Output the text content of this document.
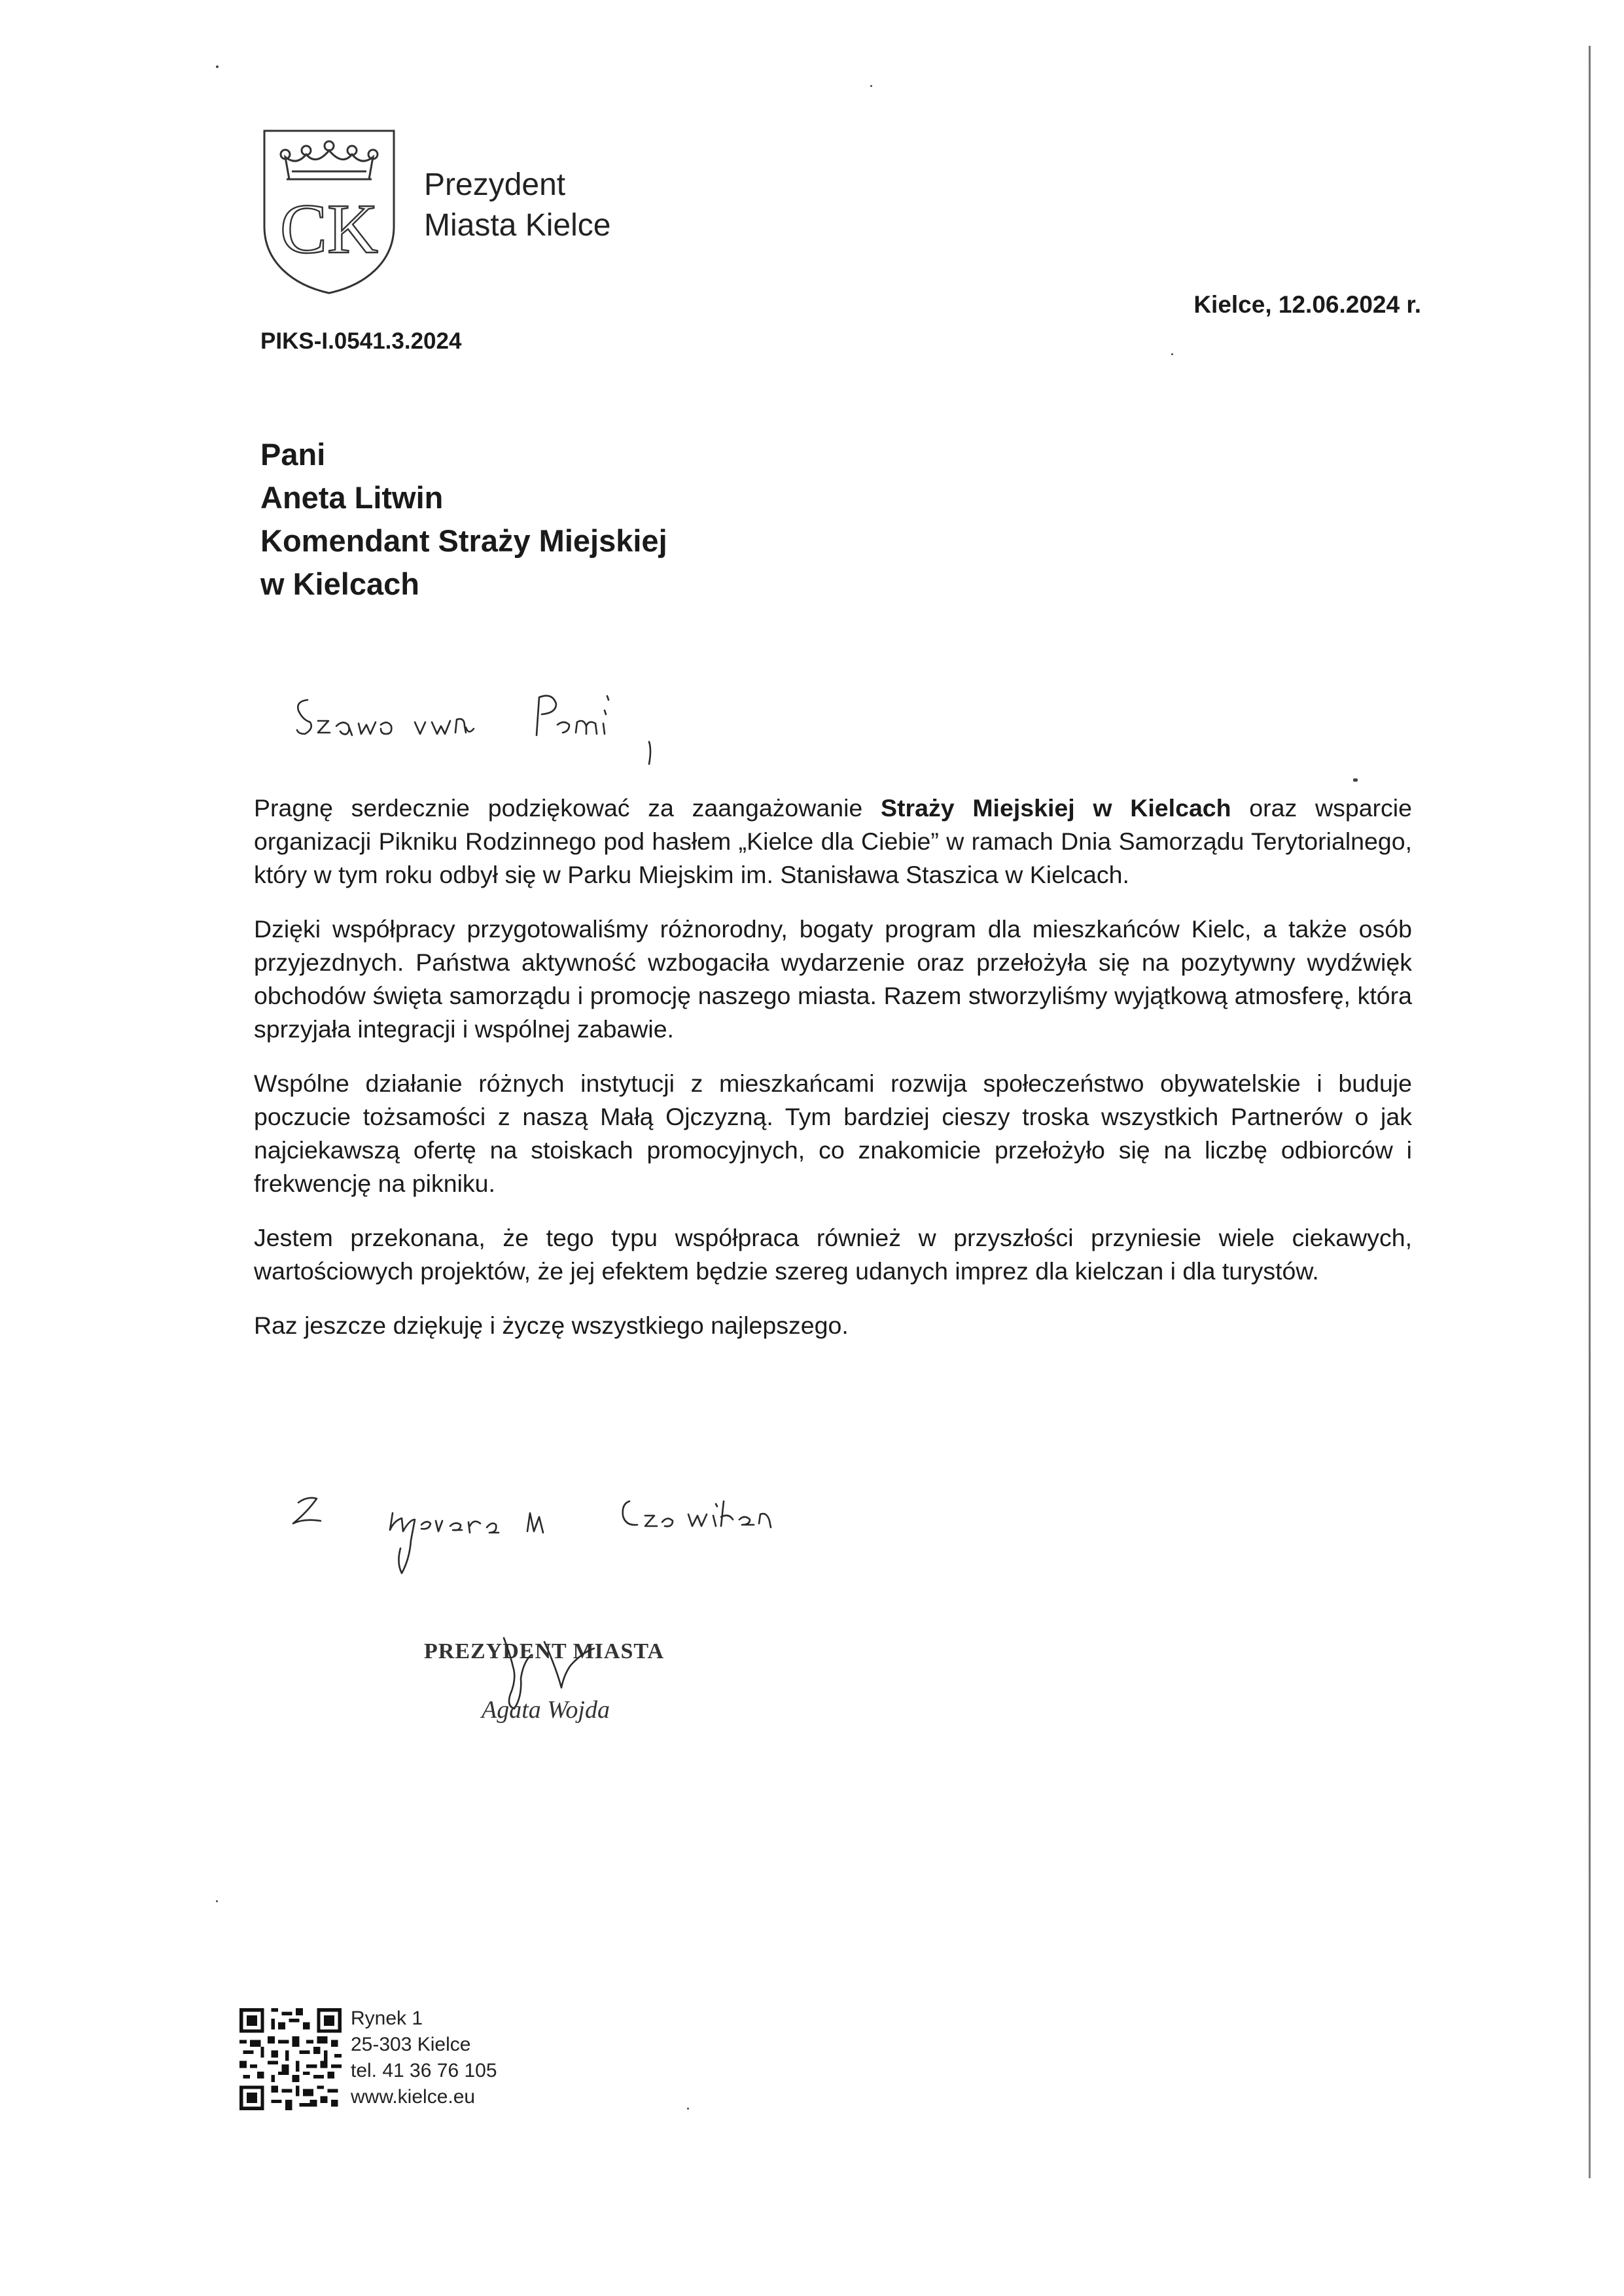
CK
Prezydent
Miasta Kielce
Kielce, 12.06.2024 r.
PIKS-I.0541.3.2024
Pani
Aneta Litwin
Komendant Straży Miejskiej
w Kielcach

Pragnę serdecznie podziękować za zaangażowanie Straży Miejskiej w Kielcach oraz wsparcie organizacji Pikniku Rodzinnego pod hasłem „Kielce dla Ciebie” w ramach Dnia Samorządu Terytorialnego, który w tym roku odbył się w Parku Miejskim im. Stanisława Staszica w Kielcach.

Dzięki współpracy przygotowaliśmy różnorodny, bogaty program dla mieszkańców Kielc, a także osób przyjezdnych. Państwa aktywność wzbogaciła wydarzenie oraz przełożyła się na pozytywny wydźwięk obchodów święta samorządu i promocję naszego miasta. Razem stworzyliśmy wyjątkową atmosferę, która sprzyjała integracji i wspólnej zabawie.

Wspólne działanie różnych instytucji z mieszkańcami rozwija społeczeństwo obywatelskie i buduje poczucie tożsamości z naszą Małą Ojczyzną. Tym bardziej cieszy troska wszystkich Partnerów o jak najciekawszą ofertę na stoiskach promocyjnych, co znakomicie przełożyło się na liczbę odbiorców i frekwencję na pikniku.

Jestem przekonana, że tego typu współpraca również w przyszłości przyniesie wiele ciekawych, wartościowych projektów, że jej efektem będzie szereg udanych imprez dla kielczan i dla turystów.

Raz jeszcze dziękuję i życzę wszystkiego najlepszego.

PREZYDENT MIASTA
Agata Wojda
Rynek 1
25-303 Kielce
tel. 41 36 76 105
www.kielce.eu
